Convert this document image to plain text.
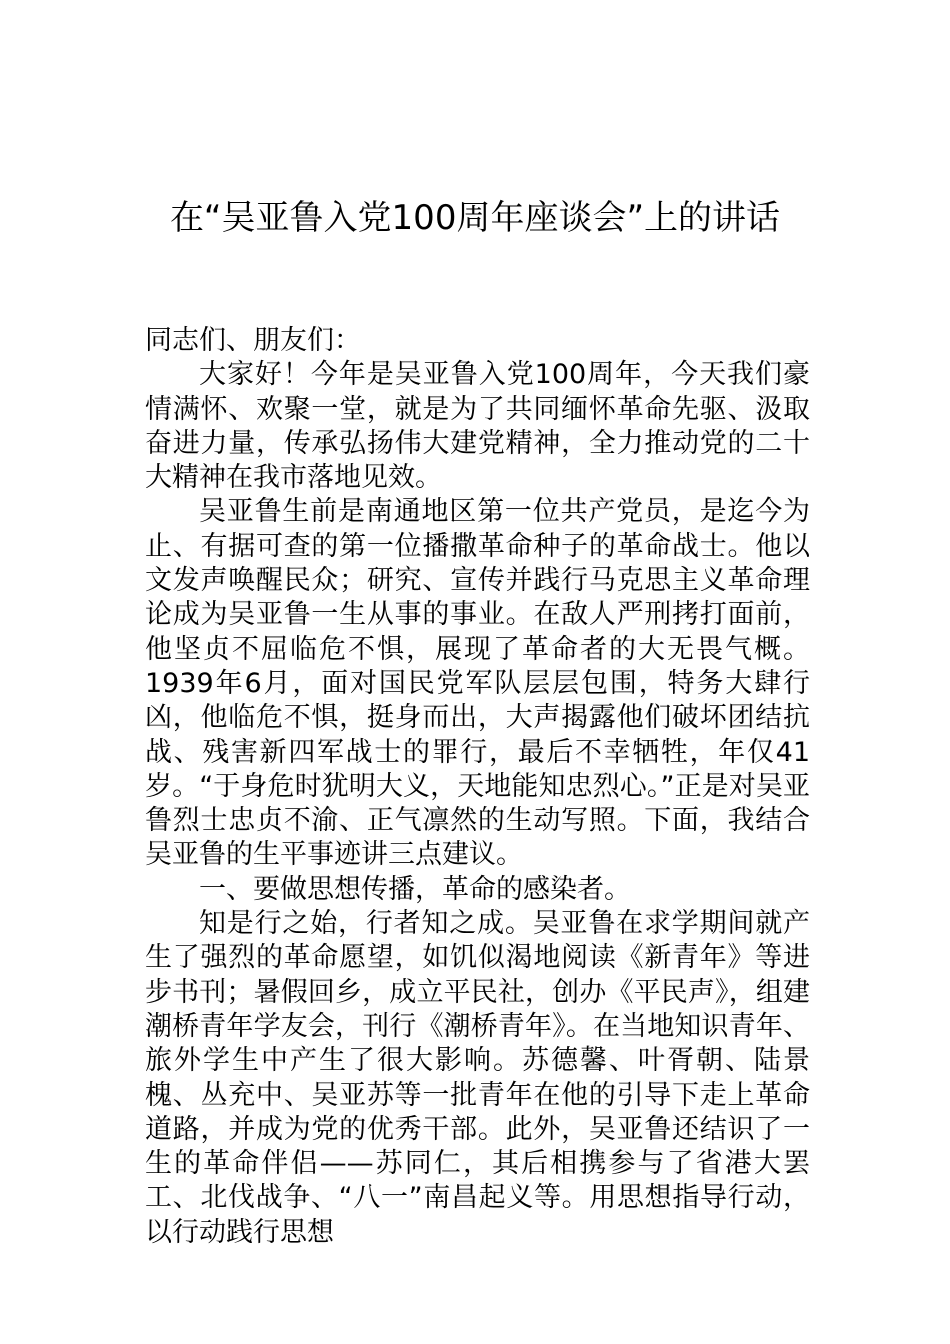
在“吴亚鲁入党100周年座谈会”上的讲话

同志们、朋友们：

大家好！今年是吴亚鲁入党100周年，今天我们豪情满怀、欢聚一堂，就是为了共同缅怀革命先驱、汲取奋进力量，传承弘扬伟大建党精神，全力推动党的二十大精神在我市落地见效。

吴亚鲁生前是南通地区第一位共产党员，是迄今为止、有据可查的第一位播撒革命种子的革命战士。他以文发声唤醒民众；研究、宣传并践行马克思主义革命理论成为吴亚鲁一生从事的事业。在敌人严刑拷打面前，他坚贞不屈临危不惧，展现了革命者的大无畏气概。1939年6月，面对国民党军队层层包围，特务大肆行凶，他临危不惧，挺身而出，大声揭露他们破坏团结抗战、残害新四军战士的罪行，最后不幸牺牲，年仅41岁。“于身危时犹明大义，天地能知忠烈心。”正是对吴亚鲁烈士忠贞不渝、正气凛然的生动写照。下面，我结合吴亚鲁的生平事迹讲三点建议。

一、要做思想传播，革命的感染者。

知是行之始，行者知之成。吴亚鲁在求学期间就产生了强烈的革命愿望，如饥似渴地阅读《新青年》等进步书刊；暑假回乡，成立平民社，创办《平民声》，组建潮桥青年学友会，刊行《潮桥青年》。在当地知识青年、旅外学生中产生了很大影响。苏德馨、叶胥朝、陆景槐、丛充中、吴亚苏等一批青年在他的引导下走上革命道路，并成为党的优秀干部。此外，吴亚鲁还结识了一生的革命伴侣——苏同仁，其后相携参与了省港大罢工、北伐战争、“八一”南昌起义等。用思想指导行动，以行动践行思想
